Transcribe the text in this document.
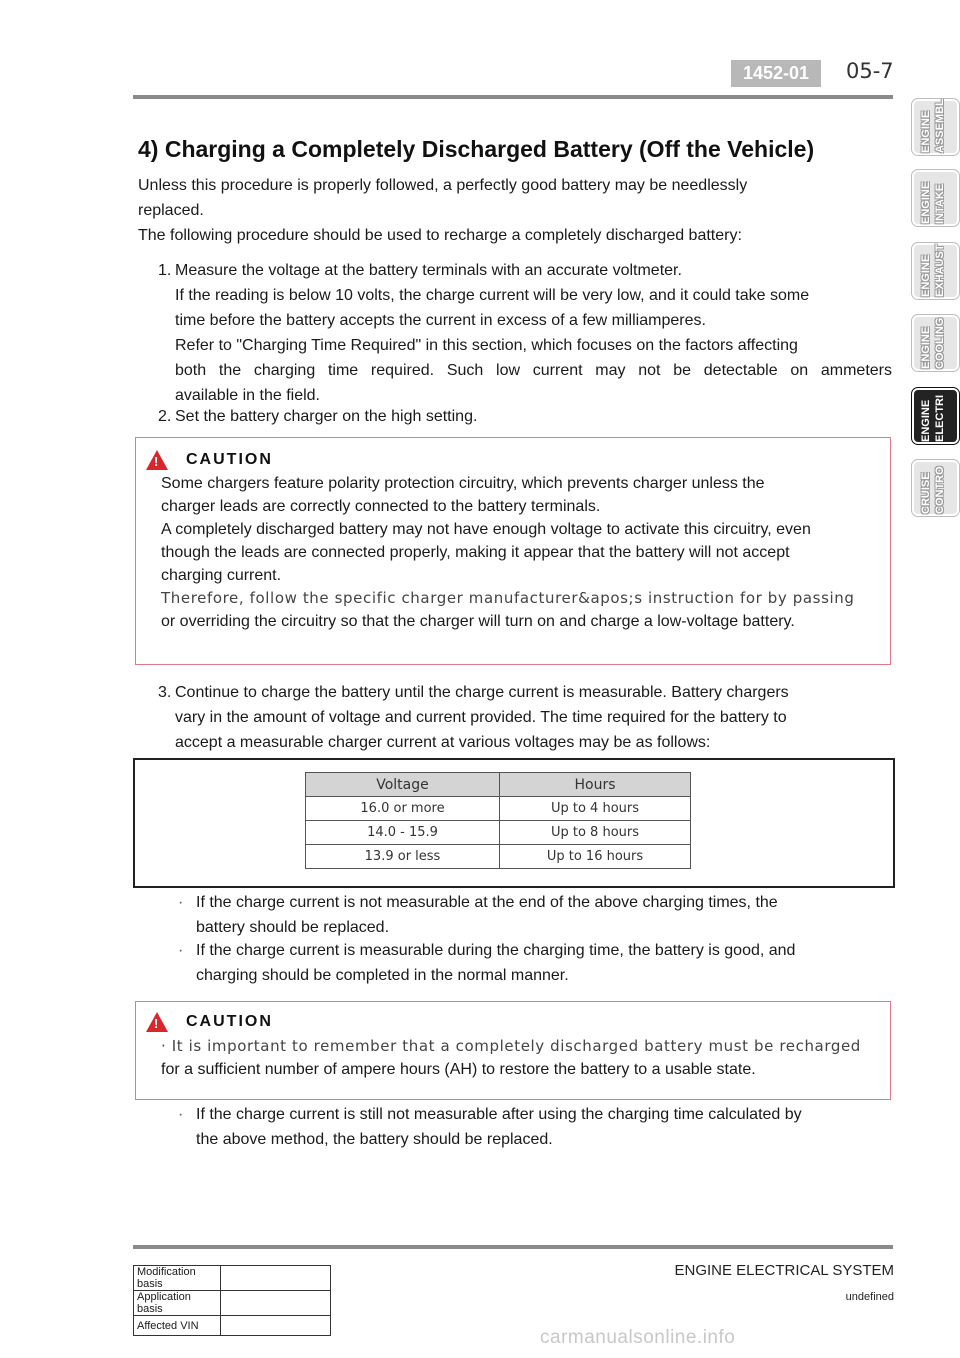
1452-01	05-7
4) Charging a Completely Discharged Battery (Off the Vehicle)
Unless this procedure is properly followed, a perfectly good battery may be needlessly
replaced.
The following procedure should be used to recharge a completely discharged battery:
1. Measure the voltage at the battery terminals with an accurate voltmeter.
If the reading is below 10 volts, the charge current will be very low, and it could take some
time before the battery accepts the current in excess of a few milliamperes.
Refer to "Charging Time Required" in this section, which focuses on the factors affecting
both the charging time required. Such low current may not be detectable on ammeters
available in the field.
2. Set the battery charger on the high setting.
! CAUTION
Some chargers feature polarity protection circuitry, which prevents charger unless the
charger leads are correctly connected to the battery terminals.
A completely discharged battery may not have enough voltage to activate this circuitry, even
though the leads are connected properly, making it appear that the battery will not accept
charging current.
Therefore, follow the specific charger manufacturer&apos;s instruction for by passing
or overriding the circuitry so that the charger will turn on and charge a low-voltage battery.
3. Continue to charge the battery until the charge current is measurable. Battery chargers
vary in the amount of voltage and current provided. The time required for the battery to
accept a measurable charger current at various voltages may be as follows:
Voltage	Hours
16.0 or more	Up to 4 hours
14.0 - 15.9	Up to 8 hours
13.9 or less	Up to 16 hours
· If the charge current is not measurable at the end of the above charging times, the
battery should be replaced.
· If the charge current is measurable during the charging time, the battery is good, and
charging should be completed in the normal manner.
! CAUTION
· It is important to remember that a completely discharged battery must be recharged
for a sufficient number of ampere hours (AH) to restore the battery to a usable state.
· If the charge current is still not measurable after using the charging time calculated by
the above method, the battery should be replaced.
ENGINE ASSEMBL
ENGINE INTAKE
ENGINE EXHAUST
ENGINE COOLING
ENGINE ELECTRI
CRUISE CONTRO
ENGINE ELECTRICAL SYSTEM
undefined
Modification basis	
Application basis	
Affected VIN	
carmanualsonline.info
